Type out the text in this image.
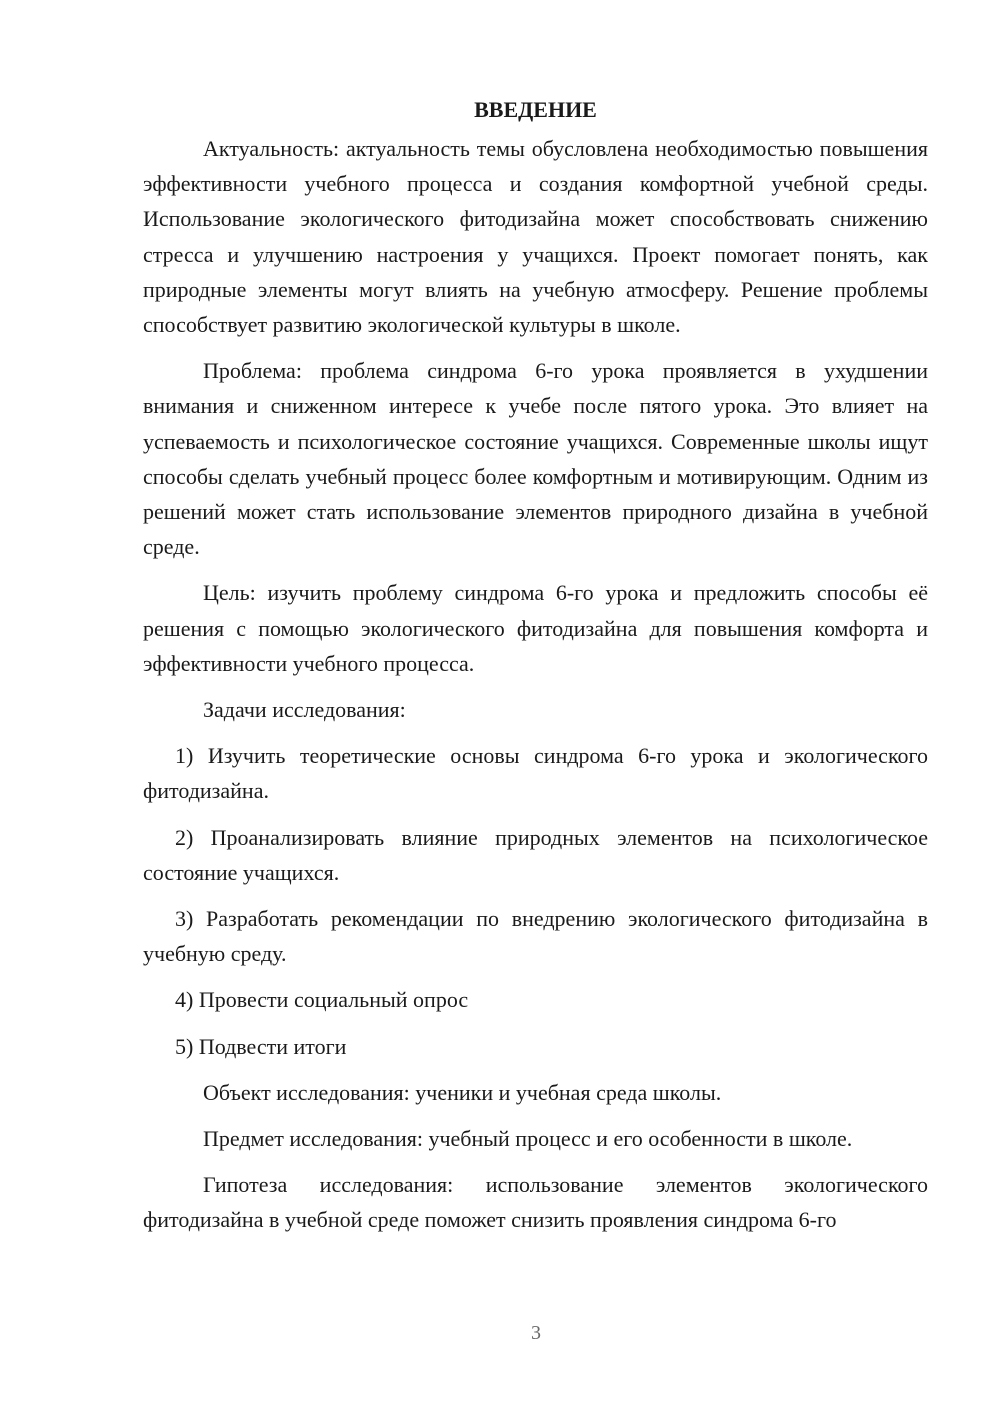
ВВЕДЕНИЕ

Актуальность: актуальность темы обусловлена необходимостью повышения эффективности учебного процесса и создания комфортной учебной среды. Использование экологического фитодизайна может способствовать снижению стресса и улучшению настроения у учащихся. Проект помогает понять, как природные элементы могут влиять на учебную атмосферу. Решение проблемы способствует развитию экологической культуры в школе.

Проблема: проблема синдрома 6-го урока проявляется в ухудшении внимания и сниженном интересе к учебе после пятого урока. Это влияет на успеваемость и психологическое состояние учащихся. Современные школы ищут способы сделать учебный процесс более комфортным и мотивирующим. Одним из решений может стать использование элементов природного дизайна в учебной среде.

Цель: изучить проблему синдрома 6-го урока и предложить способы её решения с помощью экологического фитодизайна для повышения комфорта и эффективности учебного процесса.

Задачи исследования:

1) Изучить теоретические основы синдрома 6-го урока и экологического фитодизайна.

2) Проанализировать влияние природных элементов на психологическое состояние учащихся.

3) Разработать рекомендации по внедрению экологического фитодизайна в учебную среду.

4) Провести социальный опрос

5) Подвести итоги

Объект исследования: ученики и учебная среда школы.

Предмет исследования: учебный процесс и его особенности в школе.

Гипотеза исследования: использование элементов экологического фитодизайна в учебной среде поможет снизить проявления синдрома 6-го

3
